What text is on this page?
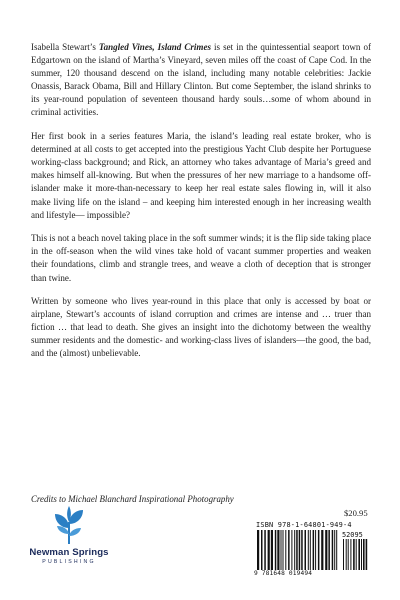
Isabella Stewart’s Tangled Vines, Island Crimes is set in the quintessential seaport town of Edgartown on the island of Martha’s Vineyard, seven miles off the coast of Cape Cod. In the summer, 120 thousand descend on the island, including many notable celebrities: Jackie Onassis, Barack Obama, Bill and Hillary Clinton. But come September, the island shrinks to its year-round population of seventeen thousand hardy souls…some of whom abound in criminal activities.

Her first book in a series features Maria, the island’s leading real estate broker, who is determined at all costs to get accepted into the prestigious Yacht Club despite her Portuguese working-class background; and Rick, an attorney who takes advantage of Maria’s greed and makes himself all-knowing. But when the pressures of her new marriage to a handsome off-islander make it more-than-necessary to keep her real estate sales flowing in, will it also make living life on the island – and keeping him interested enough in her increasing wealth and lifestyle— impossible?

This is not a beach novel taking place in the soft summer winds; it is the flip side taking place in the off-season when the wild vines take hold of vacant summer properties and weaken their foundations, climb and strangle trees, and weave a cloth of deception that is stronger than twine.

Written by someone who lives year-round in this place that only is accessed by boat or airplane, Stewart’s accounts of island corruption and crimes are intense and … truer than fiction … that lead to death. She gives an insight into the dichotomy between the wealthy summer residents and the domestic- and working-class lives of islanders—the good, the bad, and the (almost) unbelievable.

Credits to Michael Blanchard Inspirational Photography
$20.95
Newman Springs
PUBLISHING
ISBN 978-1-64801-949-4
52095
9 781648 019494
